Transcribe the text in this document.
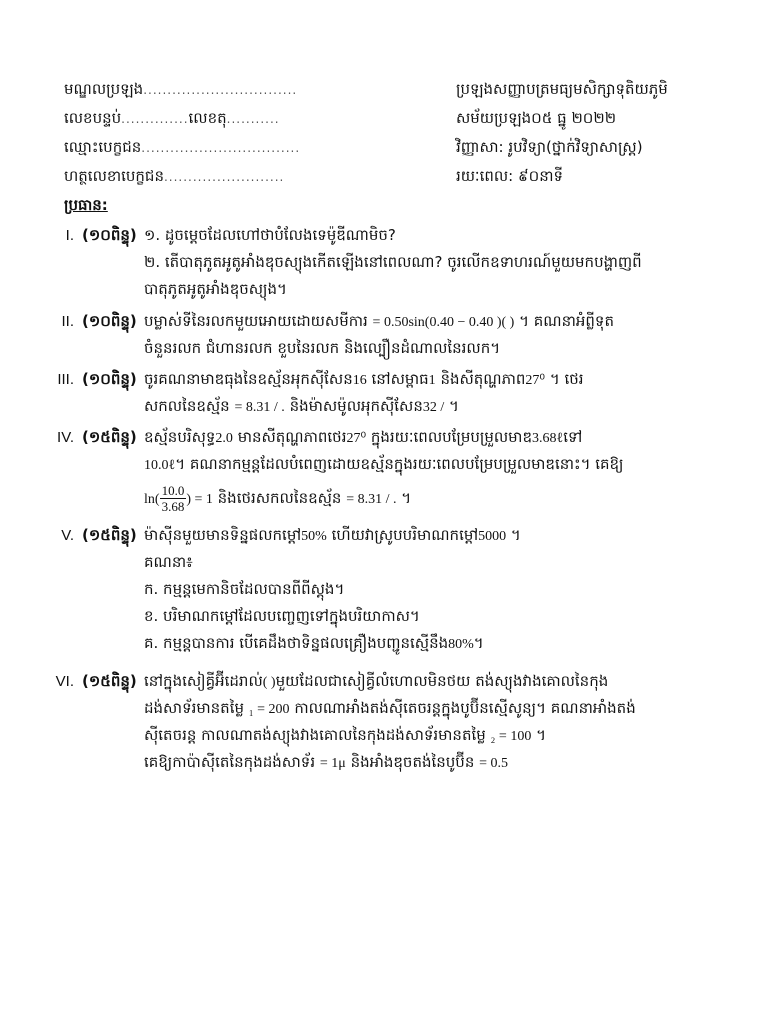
មណ្ឌលប្រឡង................................	ប្រឡងសញ្ញាបត្រមធ្យមសិក្សាទុតិយភូមិ
លេខបន្ទប់..............លេខតុ...........	សម័យប្រឡង០៥ ធ្នូ ២០២២
ឈ្មោះបេក្ខជន.................................	វិញ្ញាសា: រូបវិទ្យា(ថ្នាក់វិទ្យាសាស្ត្រ)
ហត្ថលេខាបេក្ខជន.........................	រយៈពេល: ៩០នាទី
ប្រធាន:
I. (១០ពិន្ទុ) ១. ដូចម្តេចដែលហៅថាបំលែងទេម៉ូឌីណាមិច?
២. តើបាតុភូតអូតូអាំងឌុចស្យុងកើតឡើងនៅពេលណា? ចូរលើកឧទាហរណ៍មួយមកបង្ហាញពី
បាតុភូតអូតូអាំងឌុចស្យុង។
II. (១០ពិន្ទុ) បម្លាស់ទីនៃរលកមួយអោយដោយសមីការ = 0.50sin(0.40 − 0.40 )( ) ។ គណនាអំព្លីទុត
ចំនួនរលក ជំហានរលក ខួបនៃរលក និងល្បឿនដំណាលនៃរលក។
III. (១០ពិន្ទុ) ចូរគណនាមាឌធុងនៃឧស្ម័នអុកស៊ីសែន16 នៅសម្ពាធ1 និងសីតុណ្ហភាព27⁰ ។ ថេរ
សកលនៃឧស្ម័ន = 8.31 / . និងម៉ាសម៉ូលអុកស៊ីសែន32 / ។
IV. (១៥ពិន្ទុ) ឧស្ម័នបរិសុទ្ធ2.0 មានសីតុណ្ហភាពថេរ27⁰ ក្នុងរយៈពេលបម្រែបម្រួលមាឌ3.68ℓទៅ
10.0ℓ។ គណនាកម្មន្តដែលបំពេញដោយឧស្ម័នក្នុងរយៈពេលបម្រែបម្រួលមាឌនោះ។ គេឱ្យ
$\ln( \frac{10.0}{3.68}$ ) = 1 និងថេរសកលនៃឧស្ម័ន = 8.31 / . ។
V. (១៥ពិន្ទុ) ម៉ាស៊ីនមួយមានទិន្នផលកម្ដៅ50% ហើយវាស្រូបបរិមាណកម្ដៅ5000 ។
គណនា៖
ក. កម្មន្តមេកានិចដែលបានពីពីស្តុង។
ខ. បរិមាណកម្ដៅដែលបញ្ចេញទៅក្នុងបរិយាកាស។
គ. កម្មន្តបានការ បើគេដឹងថាទិន្នផលគ្រឿងបញ្ជូនស្មើនឹង80%។
VI. (១៥ពិន្ទុ) នៅក្នុងសៀគ្វីអ៊ីដេរាល់( )មួយដែលជាសៀគ្វីលំហោលមិនថយ តង់ស្យុងវាងគោលនៃកុង
ដង់សាទ័រមានតម្លៃ ₁ = 200 កាលណាអាំងតង់ស៊ីតេចរន្តក្នុងបូប៊ីនស្មើសូន្យ។ គណនាអាំងតង់
ស៊ីតេចរន្ត កាលណាតង់ស្យុងវាងគោលនៃកុងដង់សាទ័រមានតម្លៃ ₂ = 100 ។
គេឱ្យកាប៉ាស៊ីតេនៃកុងដង់សាទ័រ = 1μ និងអាំងឌុចតង់នៃបូប៊ីន = 0.5
